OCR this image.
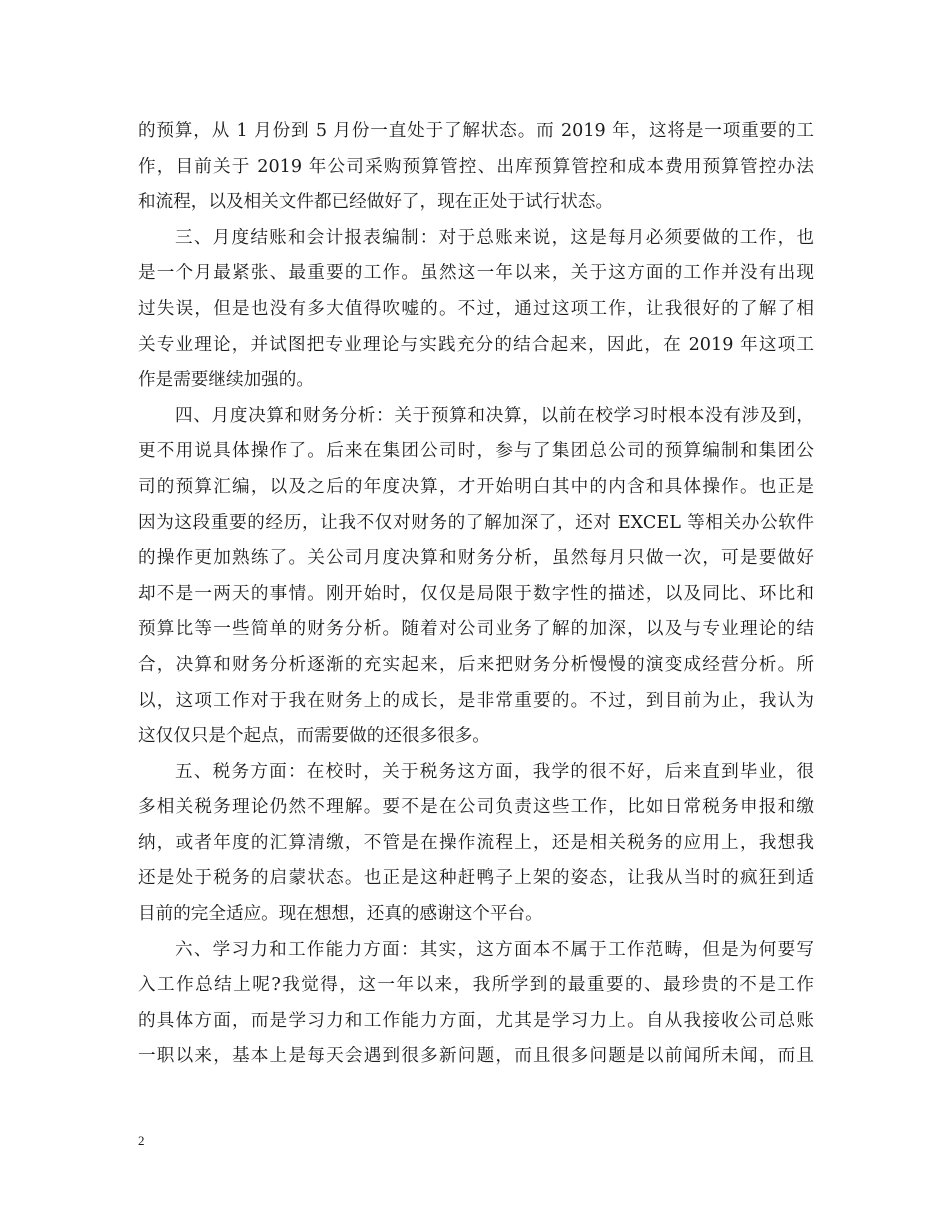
的预算，从 1 月份到 5 月份一直处于了解状态。而 2019 年，这将是一项重要的工
作，目前关于 2019 年公司采购预算管控、出库预算管控和成本费用预算管控办法
和流程，以及相关文件都已经做好了，现在正处于试行状态。
三、月度结账和会计报表编制：对于总账来说，这是每月必须要做的工作，也
是一个月最紧张、最重要的工作。虽然这一年以来，关于这方面的工作并没有出现
过失误，但是也没有多大值得吹嘘的。不过，通过这项工作，让我很好的了解了相
关专业理论，并试图把专业理论与实践充分的结合起来，因此，在 2019 年这项工
作是需要继续加强的。
四、月度决算和财务分析：关于预算和决算，以前在校学习时根本没有涉及到，
更不用说具体操作了。后来在集团公司时，参与了集团总公司的预算编制和集团公
司的预算汇编，以及之后的年度决算，才开始明白其中的内含和具体操作。也正是
因为这段重要的经历，让我不仅对财务的了解加深了，还对 EXCEL 等相关办公软件
的操作更加熟练了。关公司月度决算和财务分析，虽然每月只做一次，可是要做好
却不是一两天的事情。刚开始时，仅仅是局限于数字性的描述，以及同比、环比和
预算比等一些简单的财务分析。随着对公司业务了解的加深，以及与专业理论的结
合，决算和财务分析逐渐的充实起来，后来把财务分析慢慢的演变成经营分析。所
以，这项工作对于我在财务上的成长，是非常重要的。不过，到目前为止，我认为
这仅仅只是个起点，而需要做的还很多很多。
五、税务方面：在校时，关于税务这方面，我学的很不好，后来直到毕业，很
多相关税务理论仍然不理解。要不是在公司负责这些工作，比如日常税务申报和缴
纳，或者年度的汇算清缴，不管是在操作流程上，还是相关税务的应用上，我想我
还是处于税务的启蒙状态。也正是这种赶鸭子上架的姿态，让我从当时的疯狂到适
目前的完全适应。现在想想，还真的感谢这个平台。
六、学习力和工作能力方面：其实，这方面本不属于工作范畴，但是为何要写
入工作总结上呢?我觉得，这一年以来，我所学到的最重要的、最珍贵的不是工作
的具体方面，而是学习力和工作能力方面，尤其是学习力上。自从我接收公司总账
一职以来，基本上是每天会遇到很多新问题，而且很多问题是以前闻所未闻，而且
2
